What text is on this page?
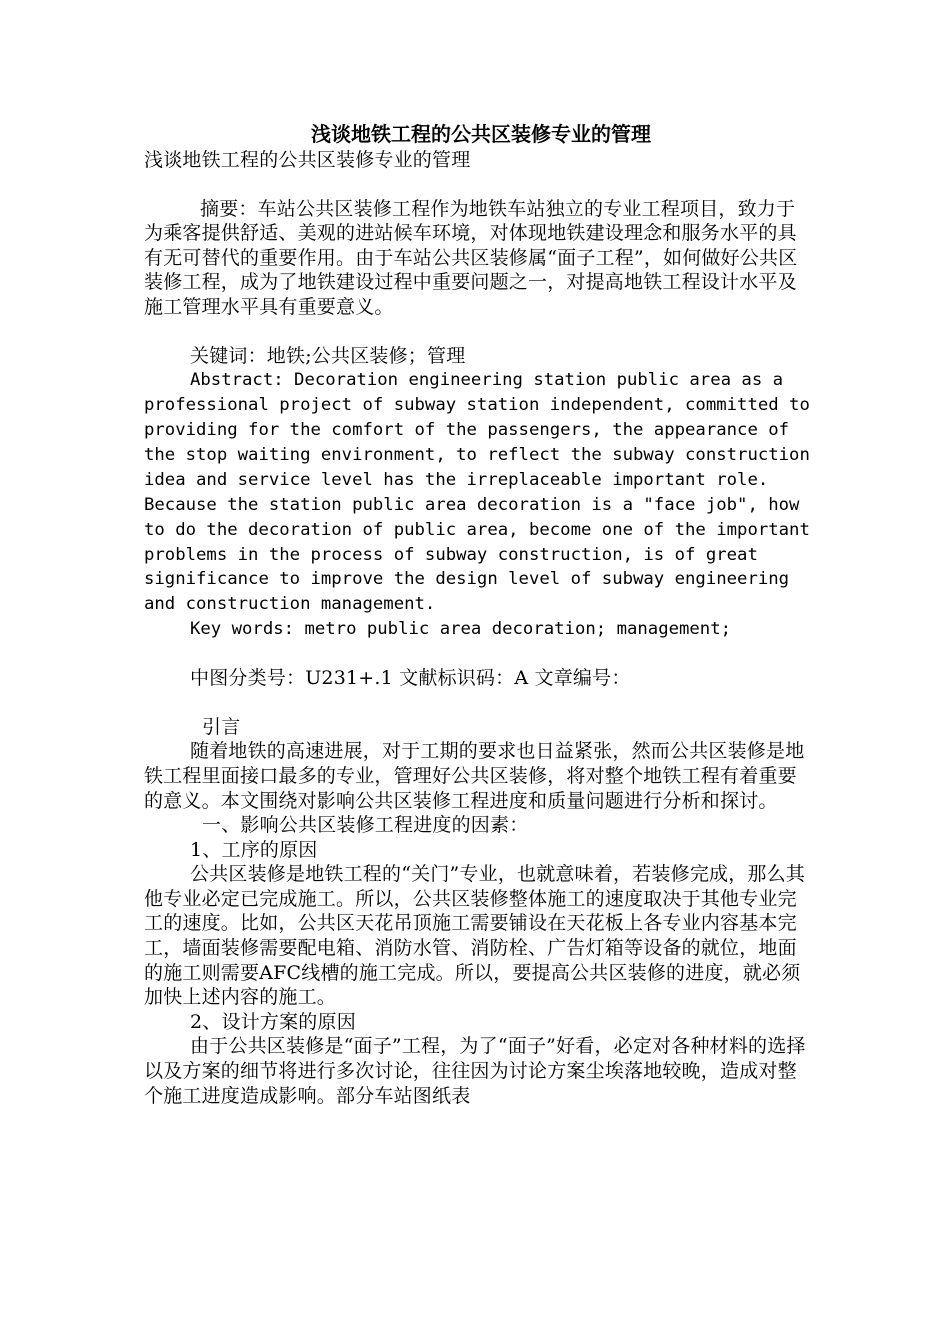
浅谈地铁工程的公共区装修专业的管理

浅谈地铁工程的公共区装修专业的管理

摘要：车站公共区装修工程作为地铁车站独立的专业工程项目，致力于为乘客提供舒适、美观的进站候车环境，对体现地铁建设理念和服务水平的具有无可替代的重要作用。由于车站公共区装修属“面子工程”，如何做好公共区装修工程，成为了地铁建设过程中重要问题之一，对提高地铁工程设计水平及施工管理水平具有重要意义。

关键词：地铁;公共区装修；管理

Abstract: Decoration engineering station public area as a professional project of subway station independent, committed to providing for the comfort of the passengers, the appearance of the stop waiting environment, to reflect the subway construction idea and service level has the irreplaceable important role. Because the station public area decoration is a "face job", how to do the decoration of public area, become one of the important problems in the process of subway construction, is of great significance to improve the design level of subway engineering and construction management.

Key words: metro public area decoration; management;

中图分类号：U231+.1 文献标识码：A 文章编号：

引言

随着地铁的高速进展，对于工期的要求也日益紧张，然而公共区装修是地铁工程里面接口最多的专业，管理好公共区装修，将对整个地铁工程有着重要的意义。本文围绕对影响公共区装修工程进度和质量问题进行分析和探讨。

一、影响公共区装修工程进度的因素：

1、工序的原因

公共区装修是地铁工程的“关门”专业，也就意味着，若装修完成，那么其他专业必定已完成施工。所以，公共区装修整体施工的速度取决于其他专业完工的速度。比如，公共区天花吊顶施工需要铺设在天花板上各专业内容基本完工，墙面装修需要配电箱、消防水管、消防栓、广告灯箱等设备的就位，地面的施工则需要AFC线槽的施工完成。所以，要提高公共区装修的进度，就必须加快上述内容的施工。

2、设计方案的原因

由于公共区装修是“面子”工程，为了“面子”好看，必定对各种材料的选择以及方案的细节将进行多次讨论，往往因为讨论方案尘埃落地较晚，造成对整个施工进度造成影响。部分车站图纸表
